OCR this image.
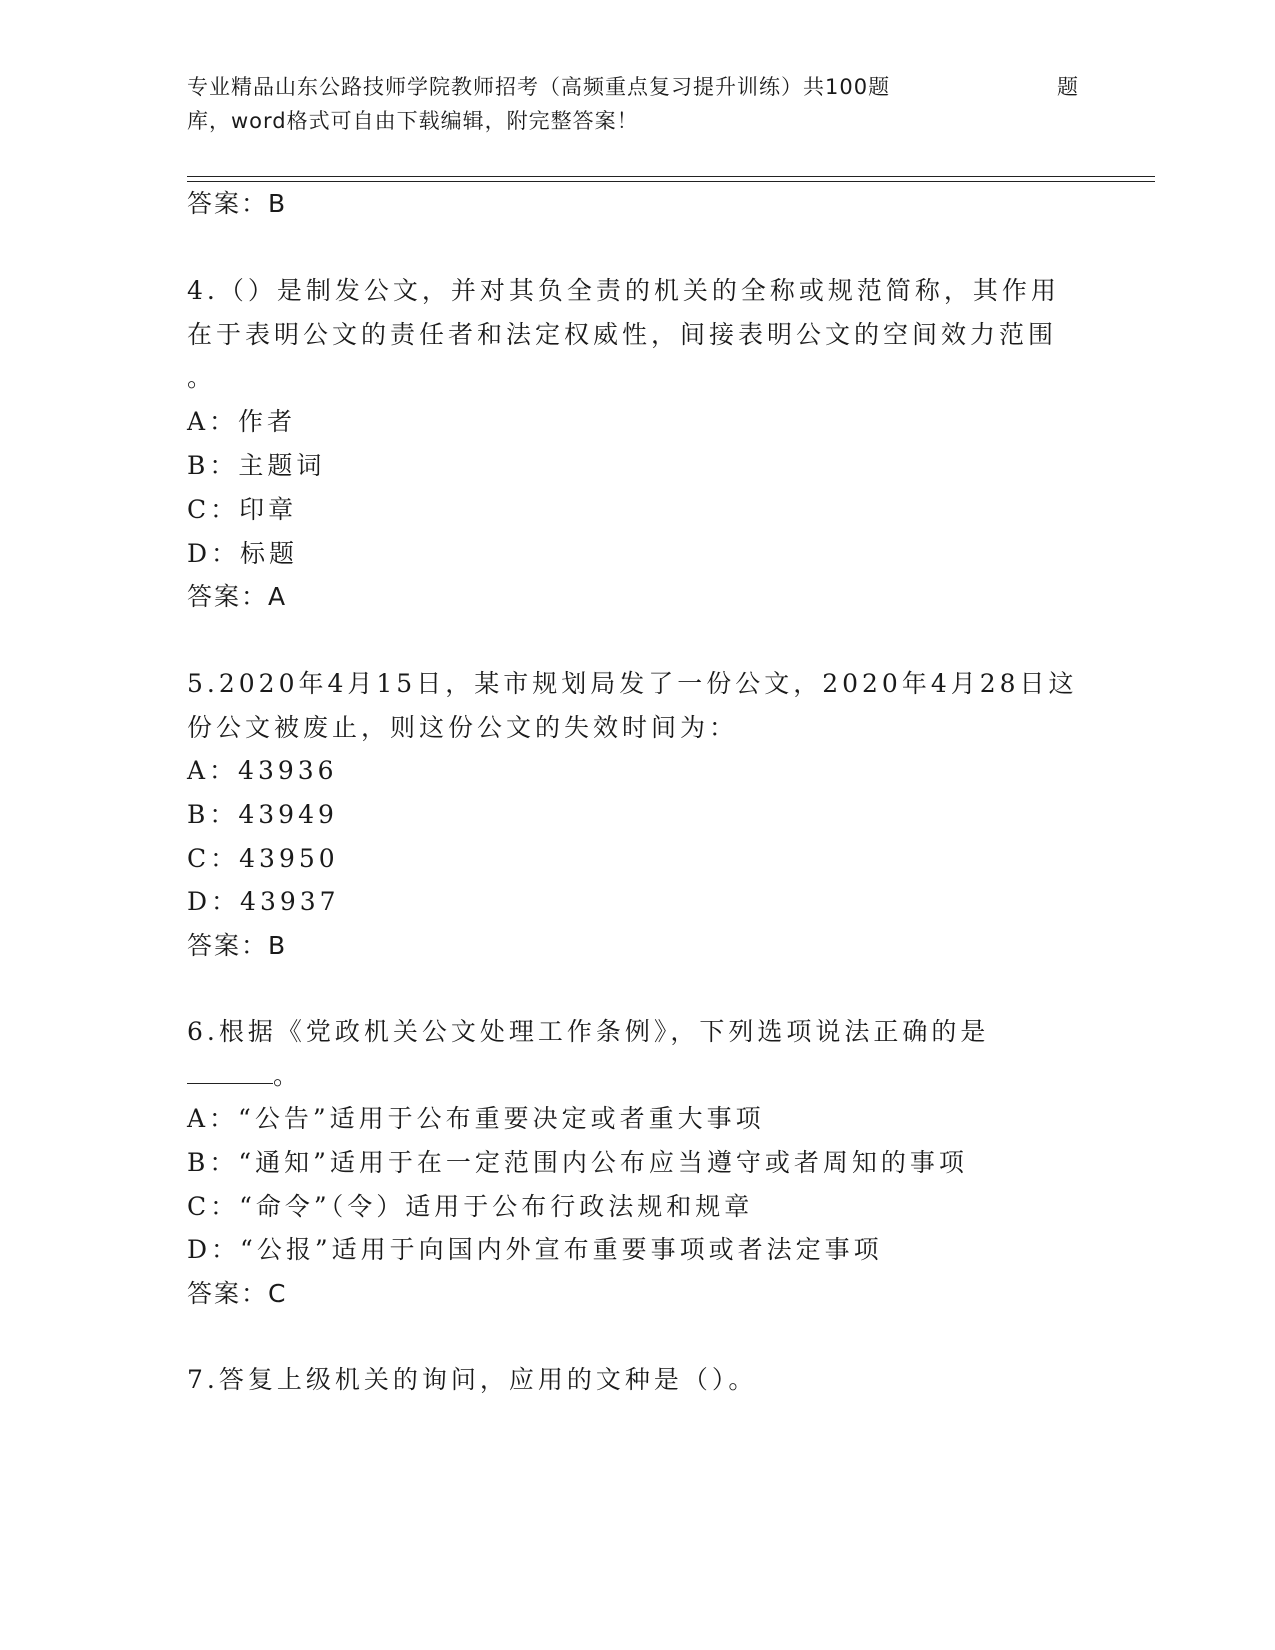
专业精品山东公路技师学院教师招考（高频重点复习提升训练）共100题	题
库，word格式可自由下载编辑，附完整答案！
答案：B
4.（）是制发公文，并对其负全责的机关的全称或规范简称，其作用
在于表明公文的责任者和法定权威性，间接表明公文的空间效力范围
。
A：作者
B：主题词
C：印章
D：标题
答案：A
5.2020年4月15日，某市规划局发了一份公文，2020年4月28日这
份公文被废止，则这份公文的失效时间为：
A：43936
B：43949
C：43950
D：43937
答案：B
6.根据《党政机关公文处理工作条例》，下列选项说法正确的是
。
A：“公告”适用于公布重要决定或者重大事项
B：“通知”适用于在一定范围内公布应当遵守或者周知的事项
C：“命令”（令）适用于公布行政法规和规章
D：“公报”适用于向国内外宣布重要事项或者法定事项
答案：C
7.答复上级机关的询问，应用的文种是（）。
